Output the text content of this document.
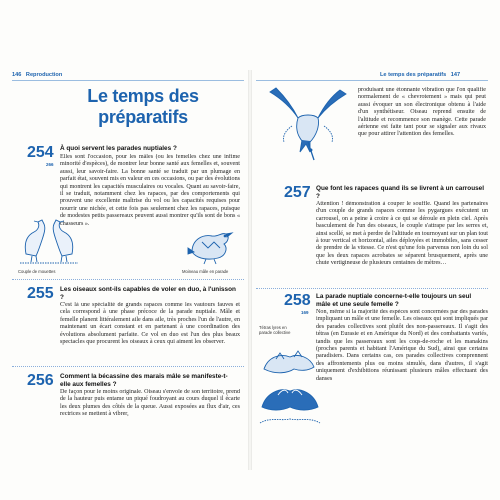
146 Reproduction
Le temps des préparatifs
254
266
À quoi servent les parades nuptiales ?
Elles sont l'occasion, pour les mâles (ou les femelles chez une infime minorité d'espèces), de montrer leur bonne santé aux femelles et, souvent aussi, leur savoir-faire. La bonne santé se traduit par un plumage en parfait état, souvent mis en valeur en ces occasions, ou par des évolutions qui montrent les capacités musculaires ou vocales. Quant au savoir-faire, il se traduit, notamment chez les rapaces, par des comportements qui prouvent une excellente maîtrise du vol ou les capacités requises pour nourrir une nichée, et cette fois pas seulement chez les rapaces, puisque de modestes petits passereaux peuvent aussi montrer qu'ils sont de bons « chasseurs ».
Couple de mouettes	Moineau mâle en parade
255 Les oiseaux sont-ils capables de voler en duo, à l'unisson ?
C'est là une spécialité de grands rapaces comme les vautours fauves et cela correspond à une phase précoce de la parade nuptiale. Mâle et femelle planent littéralement aile dans aile, très proches l'un de l'autre, en maintenant un écart constant et en partenant à une coordination des évolutions absolument parfaite. Ce vol en duo est l'un des plus beaux spectacles que procurent les oiseaux à ceux qui aiment les observer.
256 Comment la bécassine des marais mâle se manifeste-t-elle aux femelles ?
De façon pour le moins originale. Oiseau s'envole de son territoire, prend de la hauteur puis entame un piqué foudroyant au cours duquel il écarte les deux plumes des côtés de la queue. Aussi exposées au flux d'air, ces rectrices se mettent à vibrer,
Le temps des préparatifs 147
produisant une étonnante vibration que l'on qualifie normalement de « chevrotement » mais qui peut aussi évoquer un son électronique obtenu à l'aide d'un synthétiseur. Oiseau reprend ensuite de l'altitude et recommence son manège. Cette parade aérienne est faite tant pour se signaler aux rivaux que pour attirer l'attention des femelles.
257 Que font les rapaces quand ils se livrent à un carrousel ?
Attention ! démonstration à couper le souffle. Quand les partenaires d'un couple de grands rapaces comme les pygargues exécutent un carrousel, on a peine à croire à ce qui se déroule en plein ciel. Après basculement de l'un des oiseaux, le couple s'attrape par les serres et, ainsi scellé, se met à perdre de l'altitude en tournoyant sur un plan tout à tour vertical et horizontal, ailes déployées et immobiles, sans cesser de prendre de la vitesse. Ce n'est qu'une fois parvenus non loin du sol que les deux rapaces acrobates se séparent brusquement, après une chute vertigineuse de plusieurs centaines de mètres…
258
169
La parade nuptiale concerne-t-elle toujours un seul mâle et une seule femelle ?
Non, même si la majorité des espèces sont concernées par des parades impliquant un mâle et une femelle. Les oiseaux qui sont impliqués par des parades collectives sont plutôt des non-passereaux. Il s'agit des tétras (en Eurasie et en Amérique du Nord) et des combattants variés, tandis que les passereaux sont les coqs-de-roche et les manakins (proches parents et habitant l'Amérique du Sud), ainsi que certains paradisiers. Dans certains cas, ces parades collectives comprennent des affrontements plus ou moins simulés, dans d'autres, il s'agit uniquement d'exhibitions réunissant plusieurs mâles effectuant des danses
Tétras lyres en parade collective
